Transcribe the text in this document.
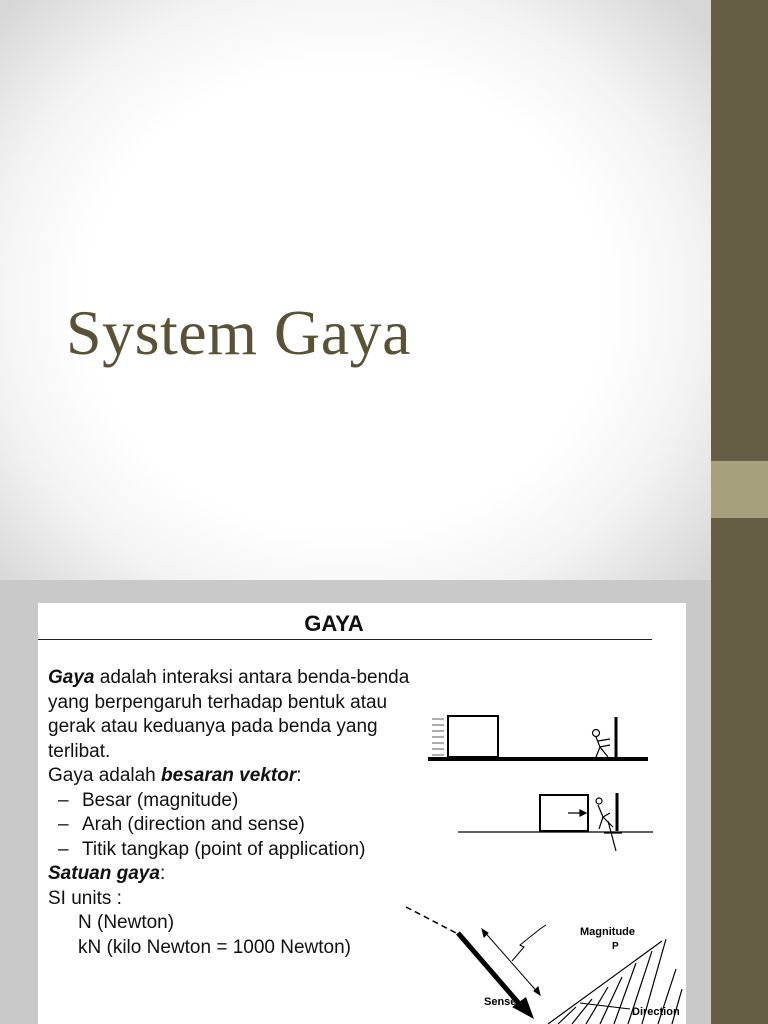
System Gaya
GAYA

Gaya adalah interaksi antara benda-benda yang berpengaruh terhadap bentuk atau gerak atau keduanya pada benda yang terlibat.

Gaya adalah besaran vektor:

– Besar (magnitude)
– Arah (direction and sense)
– Titik tangkap (point of application)

Satuan gaya:

SI units :

N (Newton)

kN (kilo Newton = 1000 Newton)

Magnitude
P
Sense
Direction
